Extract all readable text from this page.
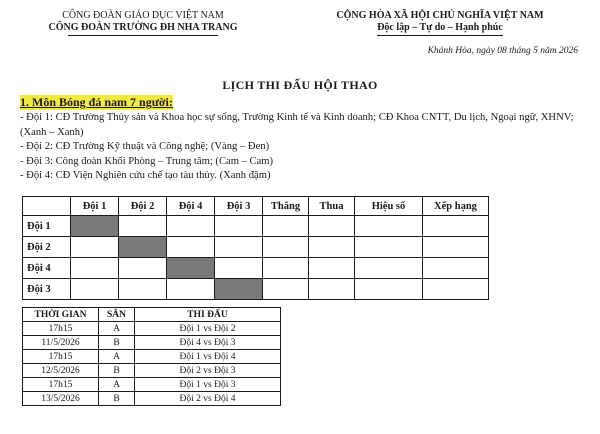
CÔNG ĐOÀN GIÁO DỤC VIỆT NAM
CÔNG ĐOÀN TRƯỜNG ĐH NHA TRANG
CỘNG HÒA XÃ HỘI CHỦ NGHĨA VIỆT NAM
Độc lập – Tự do – Hạnh phúc
Khánh Hòa, ngày 08 tháng 5 năm 2026
LỊCH THI ĐẤU HỘI THAO
1. Môn Bóng đá nam 7 người:
- Đội 1: CĐ Trường Thủy sản và Khoa học sự sống, Trường Kinh tế và Kinh doanh; CĐ Khoa CNTT, Du lịch, Ngoại ngữ, XHNV; (Xanh – Xanh)
- Đội 2: CĐ Trường Kỹ thuật và Công nghệ; (Vàng – Đen)
- Đội 3: Công đoàn Khối Phòng – Trung tâm; (Cam – Cam)
- Đội 4: CĐ Viện Nghiên cứu chế tạo tàu thủy. (Xanh đậm)
	Đội 1	Đội 2	Đội 4	Đội 3	Thắng	Thua	Hiệu số	Xếp hạng
Đội 1								
Đội 2								
Đội 4								
Đội 3								
THỜI GIAN	SÂN	THI ĐẤU
17h15	A	Đội 1 vs Đội 2
11/5/2026	B	Đội 4 vs Đội 3
17h15	A	Đội 1 vs Đội 4
12/5/2026	B	Đội 2 vs Đội 3
17h15	A	Đội 1 vs Đội 3
13/5/2026	B	Đội 2 vs Đội 4
